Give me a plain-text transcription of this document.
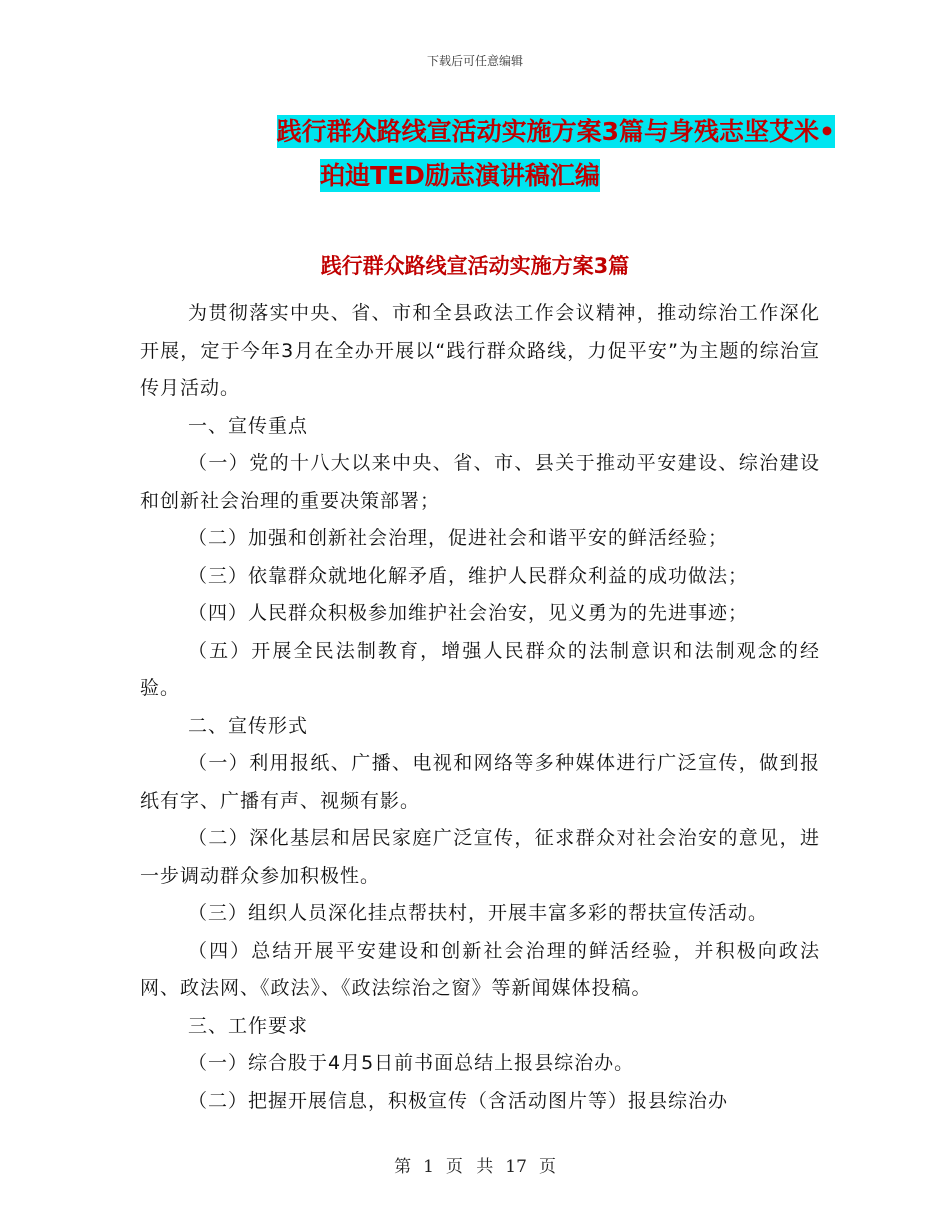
下载后可任意编辑
践行群众路线宣活动实施方案3篇与身残志坚艾米•
珀迪TED励志演讲稿汇编
践行群众路线宣活动实施方案3篇

为贯彻落实中央、省、市和全县政法工作会议精神，推动综治工作深化开展，定于今年3月在全办开展以“践行群众路线，力促平安”为主题的综治宣传月活动。

一、宣传重点

（一）党的十八大以来中央、省、市、县关于推动平安建设、综治建设和创新社会治理的重要决策部署；

（二）加强和创新社会治理，促进社会和谐平安的鲜活经验；

（三）依靠群众就地化解矛盾，维护人民群众利益的成功做法；

（四）人民群众积极参加维护社会治安，见义勇为的先进事迹；

（五）开展全民法制教育，增强人民群众的法制意识和法制观念的经验。

二、宣传形式

（一）利用报纸、广播、电视和网络等多种媒体进行广泛宣传，做到报纸有字、广播有声、视频有影。

（二）深化基层和居民家庭广泛宣传，征求群众对社会治安的意见，进一步调动群众参加积极性。

（三）组织人员深化挂点帮扶村，开展丰富多彩的帮扶宣传活动。

（四）总结开展平安建设和创新社会治理的鲜活经验，并积极向政法网、政法网、《政法》、《政法综治之窗》等新闻媒体投稿。

三、工作要求

（一）综合股于4月5日前书面总结上报县综治办。

（二）把握开展信息，积极宣传（含活动图片等）报县综治办

第 1 页 共 17 页
